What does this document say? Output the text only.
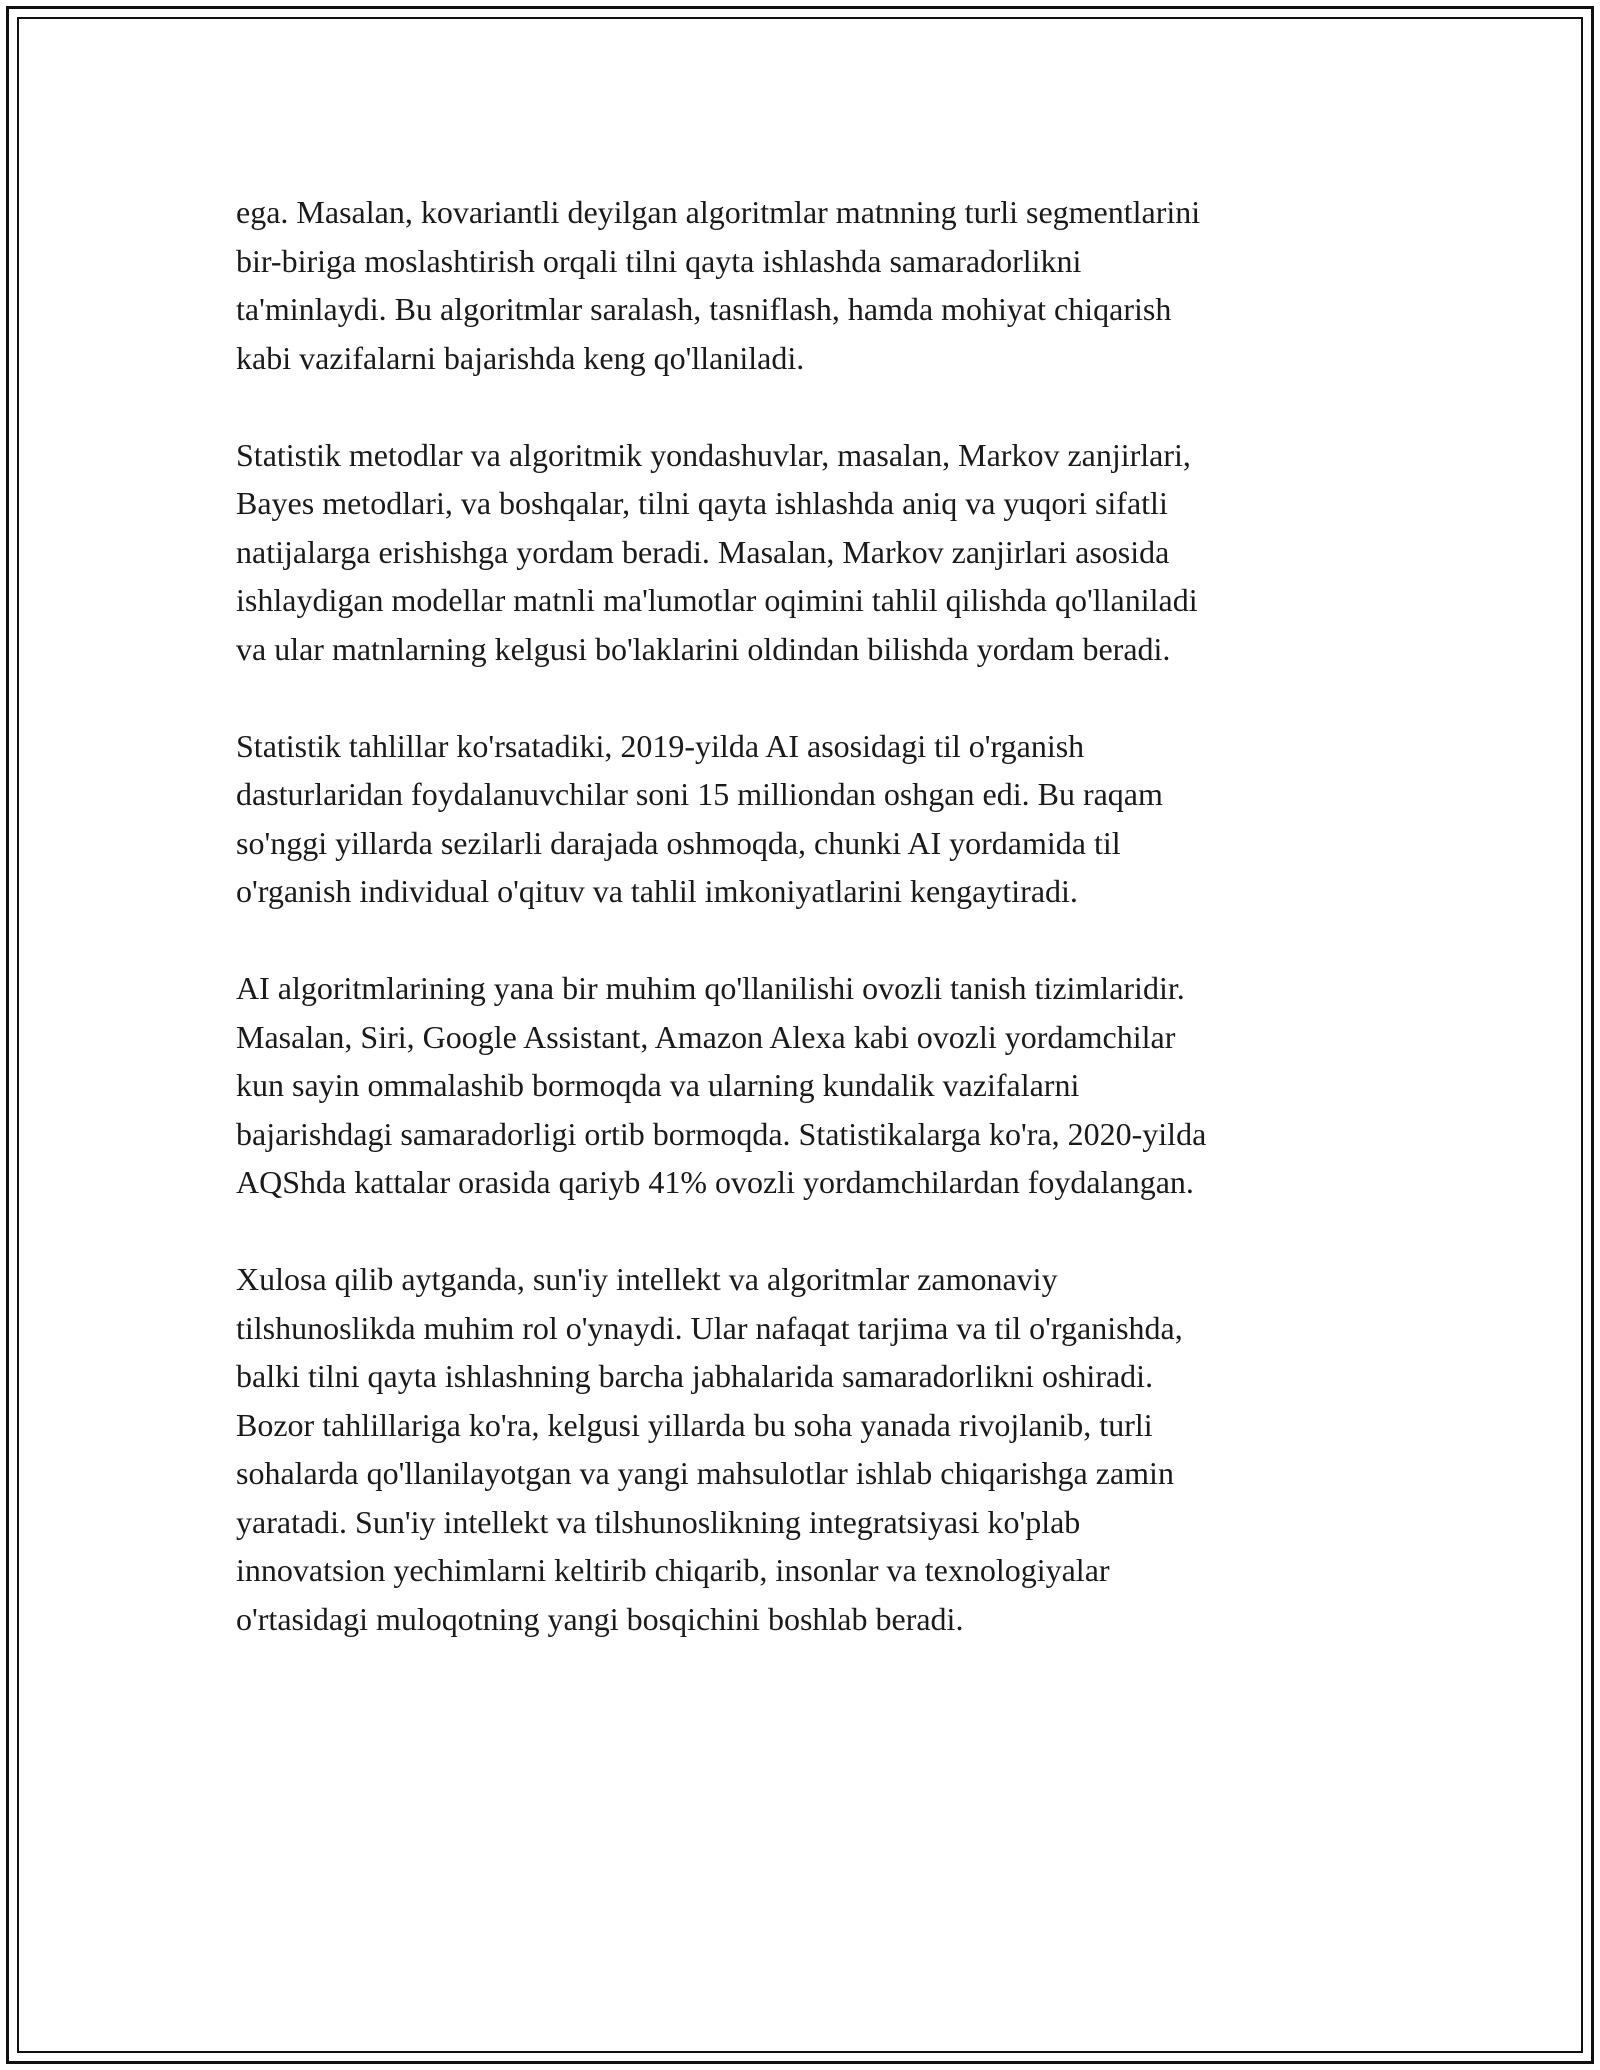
ega. Masalan, kovariantli deyilgan algoritmlar matnning turli segmentlarini
bir-biriga moslashtirish orqali tilni qayta ishlashda samaradorlikni
ta'minlaydi. Bu algoritmlar saralash, tasniflash, hamda mohiyat chiqarish
kabi vazifalarni bajarishda keng qo'llaniladi.

Statistik metodlar va algoritmik yondashuvlar, masalan, Markov zanjirlari,
Bayes metodlari, va boshqalar, tilni qayta ishlashda aniq va yuqori sifatli
natijalarga erishishga yordam beradi. Masalan, Markov zanjirlari asosida
ishlaydigan modellar matnli ma'lumotlar oqimini tahlil qilishda qo'llaniladi
va ular matnlarning kelgusi bo'laklarini oldindan bilishda yordam beradi.

Statistik tahlillar ko'rsatadiki, 2019-yilda AI asosidagi til o'rganish
dasturlaridan foydalanuvchilar soni 15 milliondan oshgan edi. Bu raqam
so'nggi yillarda sezilarli darajada oshmoqda, chunki AI yordamida til
o'rganish individual o'qituv va tahlil imkoniyatlarini kengaytiradi.

AI algoritmlarining yana bir muhim qo'llanilishi ovozli tanish tizimlaridir.
Masalan, Siri, Google Assistant, Amazon Alexa kabi ovozli yordamchilar
kun sayin ommalashib bormoqda va ularning kundalik vazifalarni
bajarishdagi samaradorligi ortib bormoqda. Statistikalarga ko'ra, 2020-yilda
AQShda kattalar orasida qariyb 41% ovozli yordamchilardan foydalangan.

Xulosa qilib aytganda, sun'iy intellekt va algoritmlar zamonaviy
tilshunoslikda muhim rol o'ynaydi. Ular nafaqat tarjima va til o'rganishda,
balki tilni qayta ishlashning barcha jabhalarida samaradorlikni oshiradi.
Bozor tahlillariga ko'ra, kelgusi yillarda bu soha yanada rivojlanib, turli
sohalarda qo'llanilayotgan va yangi mahsulotlar ishlab chiqarishga zamin
yaratadi. Sun'iy intellekt va tilshunoslikning integratsiyasi ko'plab
innovatsion yechimlarni keltirib chiqarib, insonlar va texnologiyalar
o'rtasidagi muloqotning yangi bosqichini boshlab beradi.
